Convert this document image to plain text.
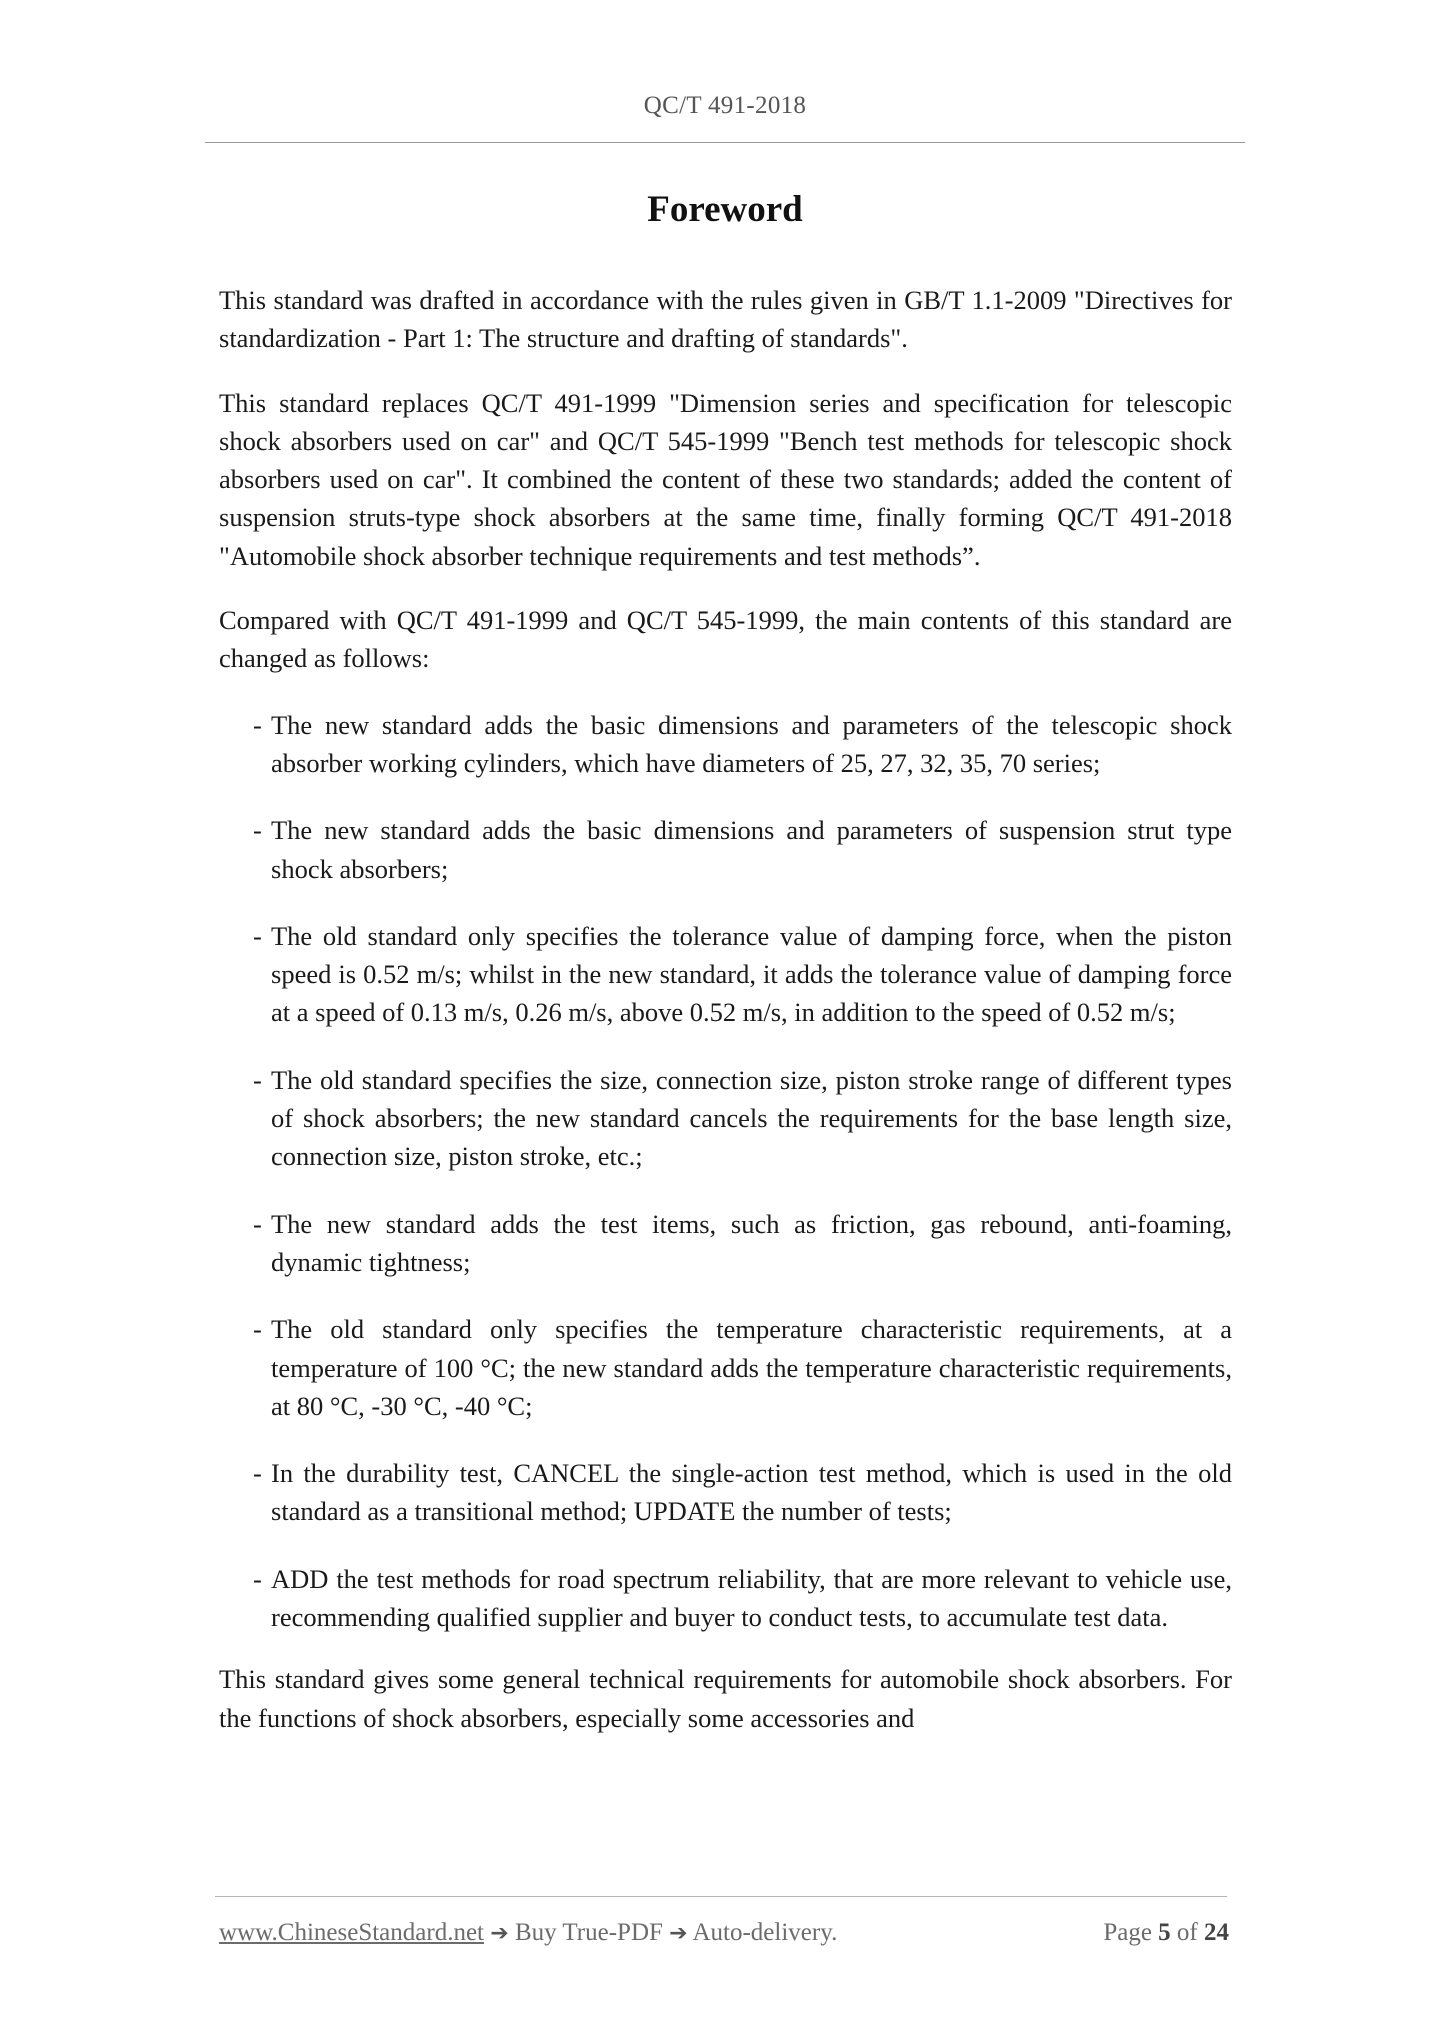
QC/T 491-2018
Foreword

This standard was drafted in accordance with the rules given in GB/T 1.1-2009 "Directives for standardization - Part 1: The structure and drafting of standards".

This standard replaces QC/T 491-1999 "Dimension series and specification for telescopic shock absorbers used on car" and QC/T 545-1999 "Bench test methods for telescopic shock absorbers used on car". It combined the content of these two standards; added the content of suspension struts-type shock absorbers at the same time, finally forming QC/T 491-2018 "Automobile shock absorber technique requirements and test methods”.

Compared with QC/T 491-1999 and QC/T 545-1999, the main contents of this standard are changed as follows:

- The new standard adds the basic dimensions and parameters of the telescopic shock absorber working cylinders, which have diameters of 25, 27, 32, 35, 70 series;
- The new standard adds the basic dimensions and parameters of suspension strut type shock absorbers;
- The old standard only specifies the tolerance value of damping force, when the piston speed is 0.52 m/s; whilst in the new standard, it adds the tolerance value of damping force at a speed of 0.13 m/s, 0.26 m/s, above 0.52 m/s, in addition to the speed of 0.52 m/s;
- The old standard specifies the size, connection size, piston stroke range of different types of shock absorbers; the new standard cancels the requirements for the base length size, connection size, piston stroke, etc.;
- The new standard adds the test items, such as friction, gas rebound, anti-foaming, dynamic tightness;
- The old standard only specifies the temperature characteristic requirements, at a temperature of 100 °C; the new standard adds the temperature characteristic requirements, at 80 °C, -30 °C, -40 °C;
- In the durability test, CANCEL the single-action test method, which is used in the old standard as a transitional method; UPDATE the number of tests;
- ADD the test methods for road spectrum reliability, that are more relevant to vehicle use, recommending qualified supplier and buyer to conduct tests, to accumulate test data.

This standard gives some general technical requirements for automobile shock absorbers. For the functions of shock absorbers, especially some accessories and

www.ChineseStandard.net ➔ Buy True-PDF ➔ Auto-delivery.	Page 5 of 24
